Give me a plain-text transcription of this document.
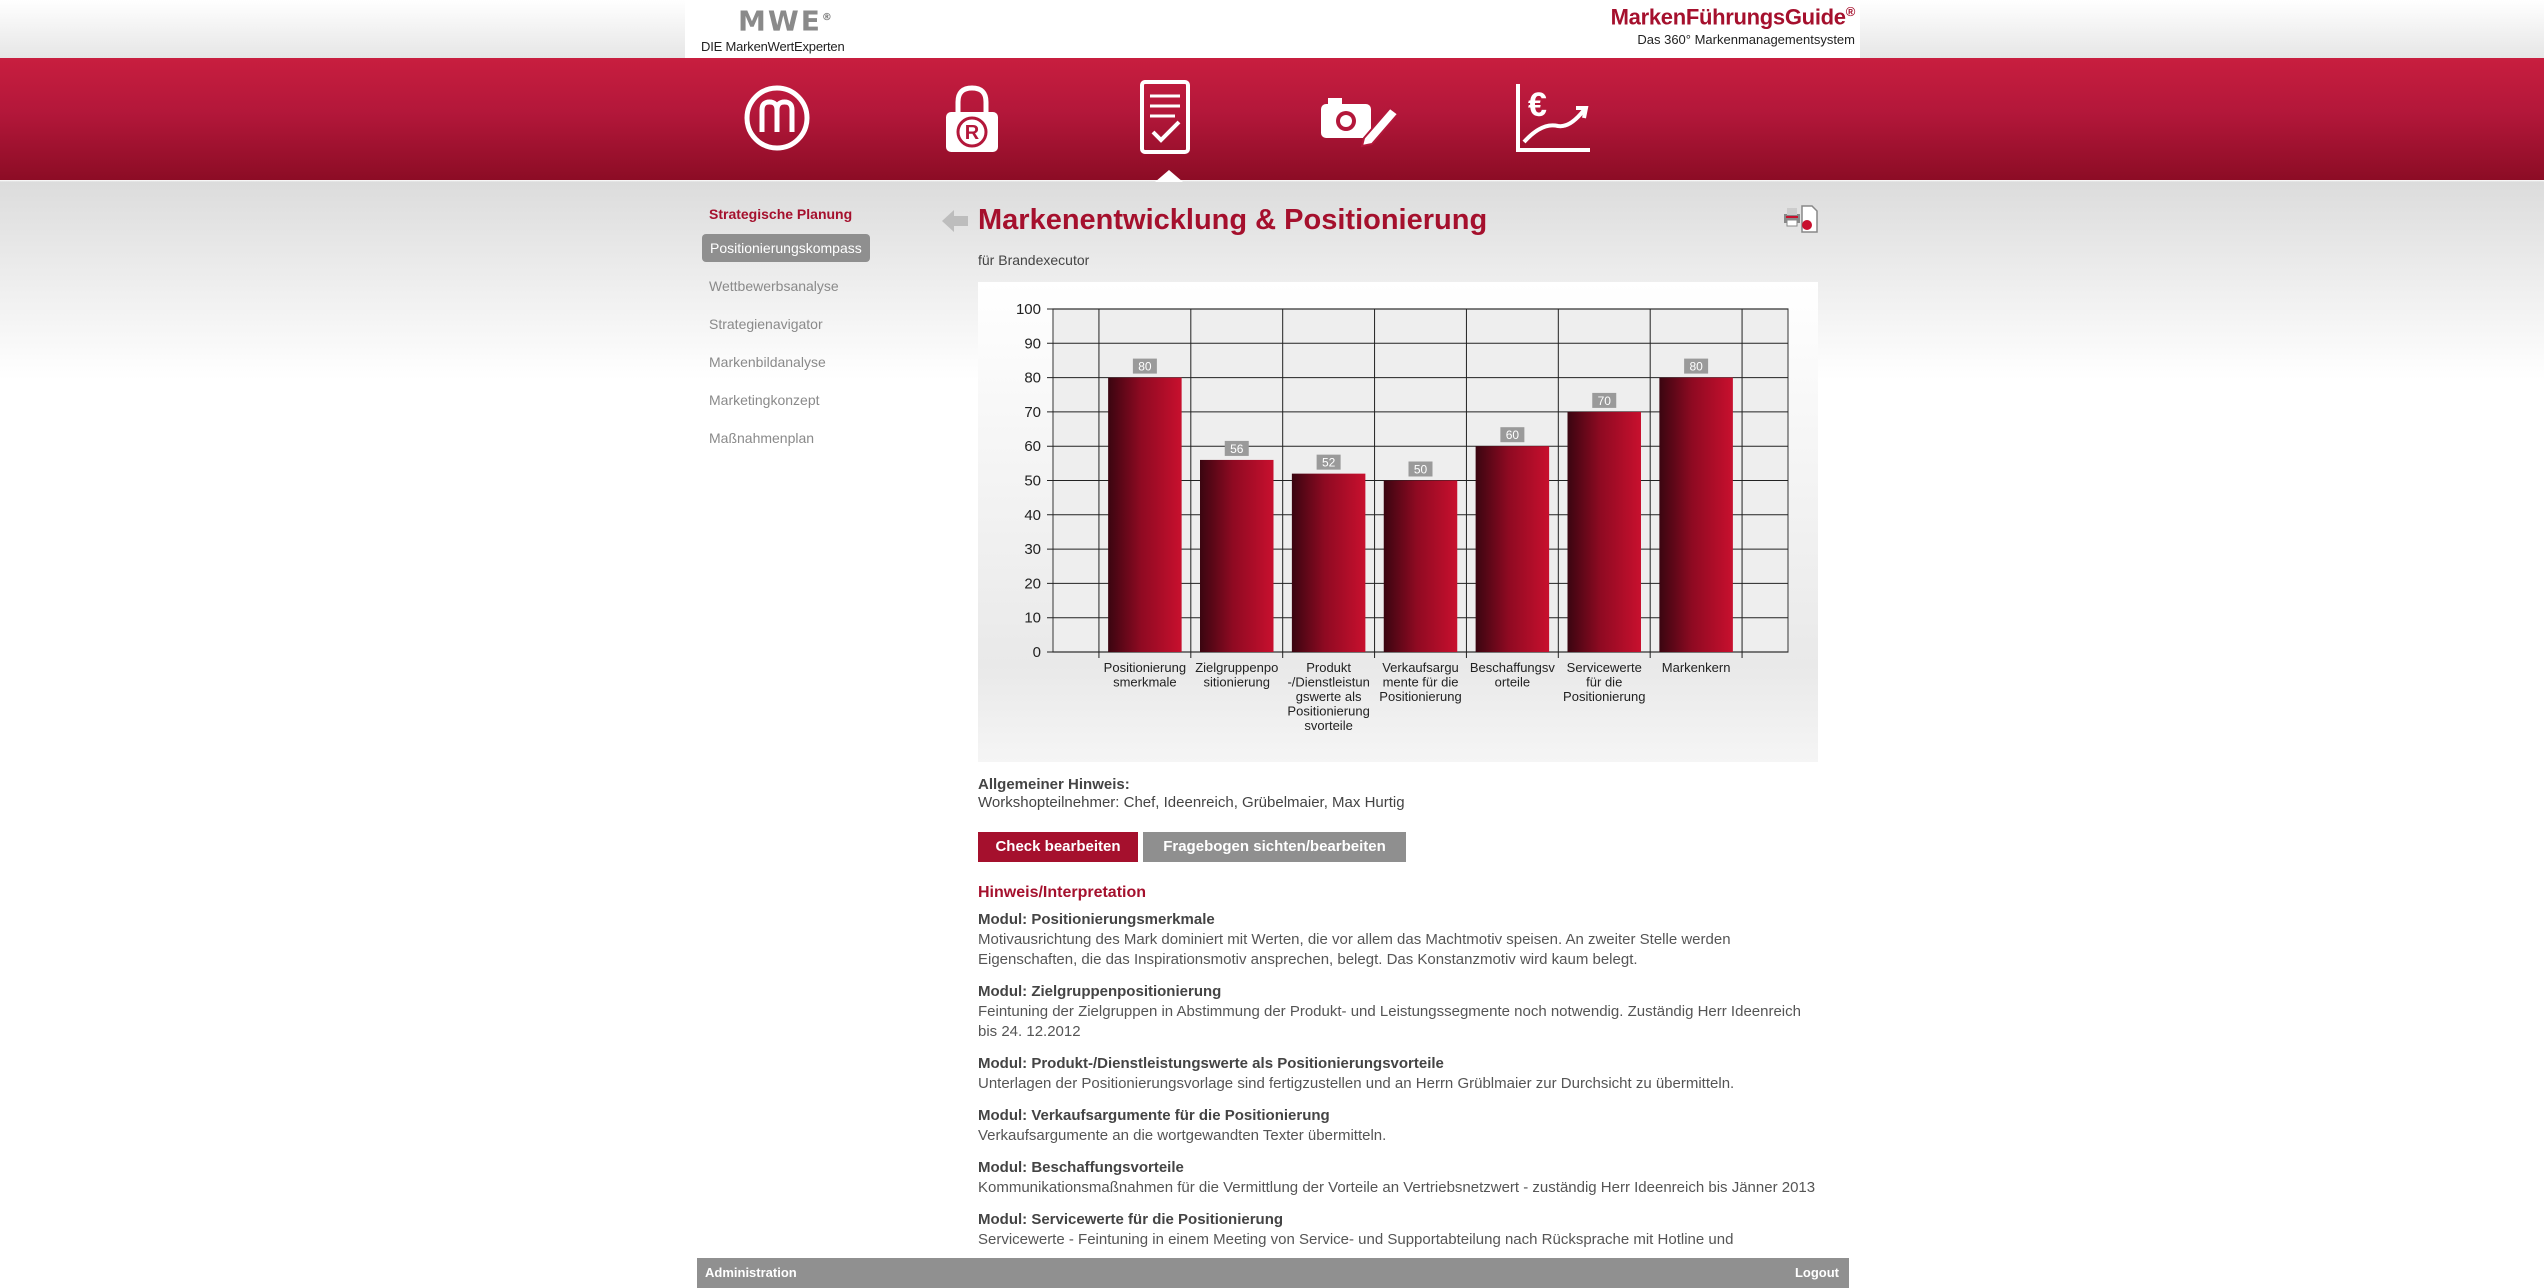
MWE®
DIE MarkenWertExperten
MarkenFührungsGuide®
Das 360° Markenmanagementsystem
R
€
Strategische Planung
Positionierungskompass
Wettbewerbsanalyse
Strategienavigator
Markenbildanalyse
Marketingkonzept
Maßnahmenplan
Markenentwicklung & Positionierung
für Brandexecutor
0
10
20
30
40
50
60
70
80
90
100
80
Positionierung
smerkmale
56
Zielgruppenpo
sitionierung
52
Produkt
-/Dienstleistun
gswerte als
Positionierung
svorteile
50
Verkaufsargu
mente für die
Positionierung
60
Beschaffungsv
orteile
70
Servicewerte
für die
Positionierung
80
Markenkern
Allgemeiner Hinweis:
Workshopteilnehmer: Chef, Ideenreich, Grübelmaier, Max Hurtig
Check bearbeiten	Fragebogen sichten/bearbeiten
Hinweis/Interpretation
Modul: Positionierungsmerkmale
Motivausrichtung des Mark dominiert mit Werten, die vor allem das Machtmotiv speisen. An zweiter Stelle werden Eigenschaften, die das Inspirationsmotiv ansprechen, belegt. Das Konstanzmotiv wird kaum belegt.
Modul: Zielgruppenpositionierung
Feintuning der Zielgruppen in Abstimmung der Produkt- und Leistungssegmente noch notwendig. Zuständig Herr Ideenreich bis 24. 12.2012
Modul: Produkt-/Dienstleistungswerte als Positionierungsvorteile
Unterlagen der Positionierungsvorlage sind fertigzustellen und an Herrn Grüblmaier zur Durchsicht zu übermitteln.
Modul: Verkaufsargumente für die Positionierung
Verkaufsargumente an die wortgewandten Texter übermitteln.
Modul: Beschaffungsvorteile
Kommunikationsmaßnahmen für die Vermittlung der Vorteile an Vertriebsnetzwert - zuständig Herr Ideenreich bis Jänner 2013
Modul: Servicewerte für die Positionierung
Servicewerte - Feintuning in einem Meeting von Service- und Supportabteilung nach Rücksprache mit Hotline und
Administration	Logout
